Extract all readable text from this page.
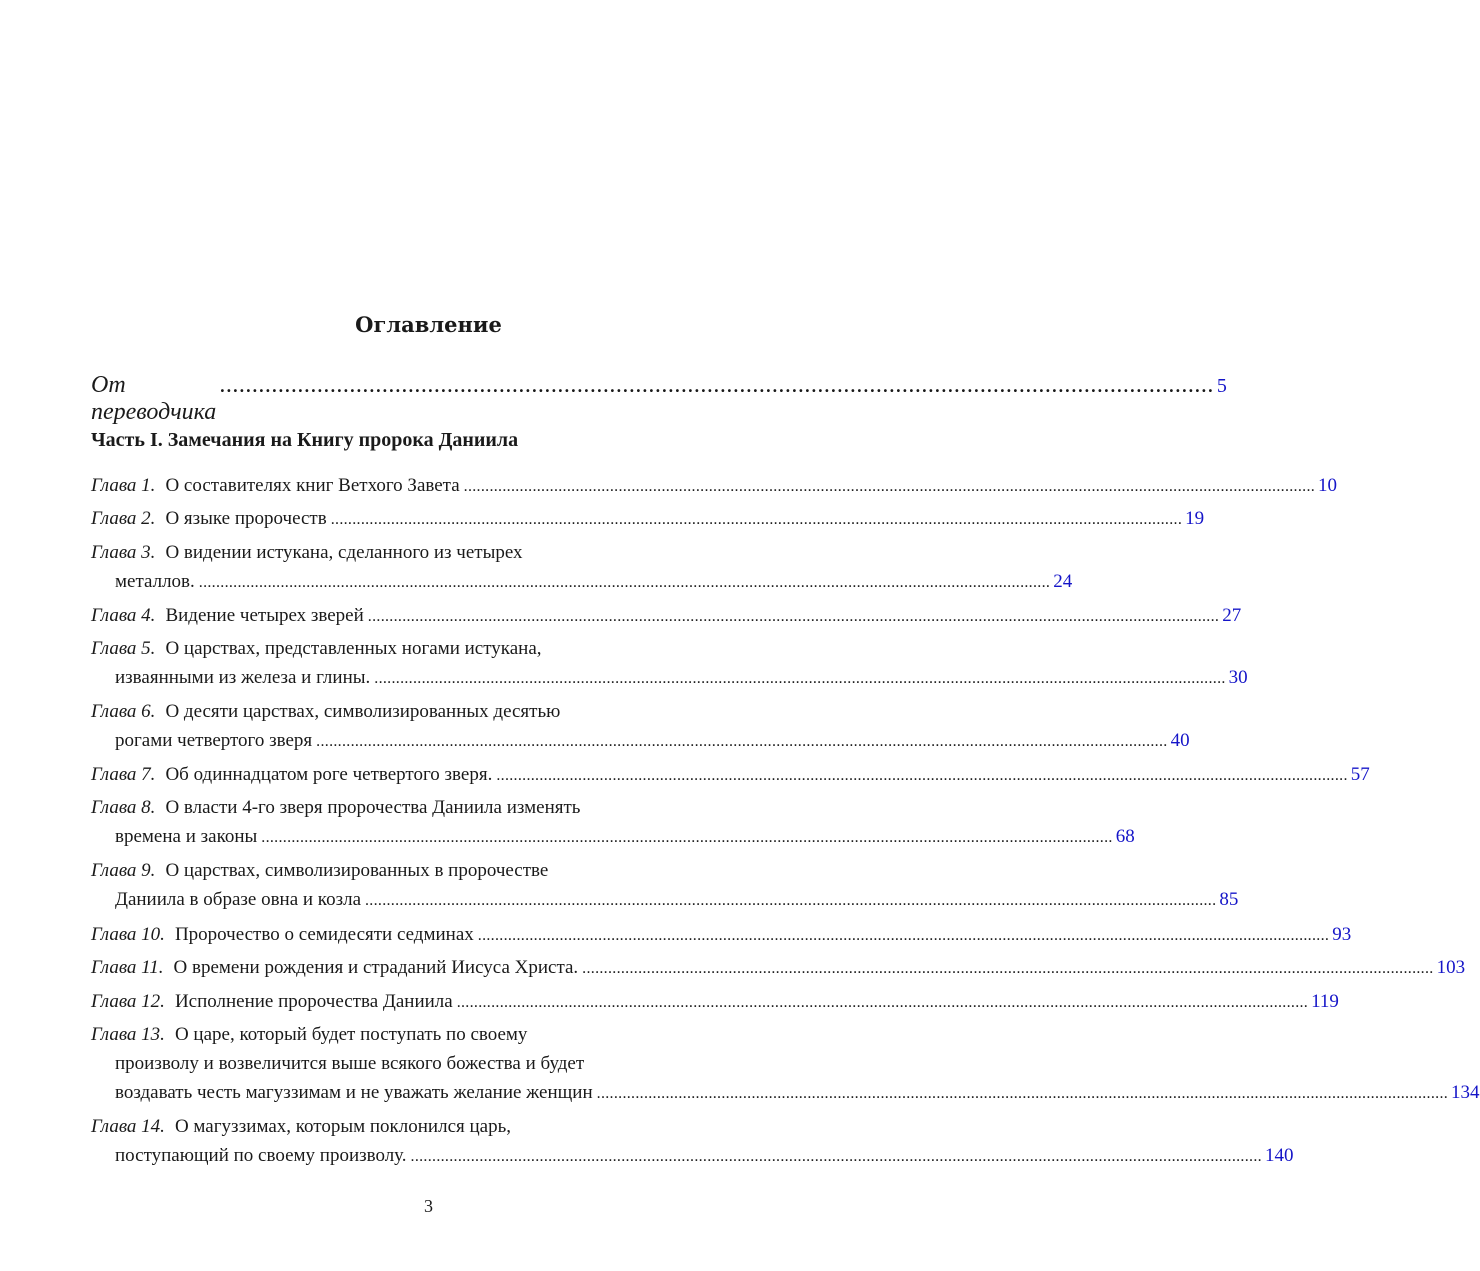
Оглавление
От переводчика
......................................................................................................................................................... 5
Часть I. Замечания на Книгу пророка Даниила
Глава 1. О составителях книг Ветхого Завета ...................................................................................................................................................................................................... 10
Глава 2. О языке пророчеств ...................................................................................................................................................................................................... 19
Глава 3. О видении истукана, сделанного из четырех
металлов. ...................................................................................................................................................................................................... 24
Глава 4. Видение четырех зверей ...................................................................................................................................................................................................... 27
Глава 5. О царствах, представленных ногами истукана,
изваянными из железа и глины. ...................................................................................................................................................................................................... 30
Глава 6. О десяти царствах, символизированных десятью
рогами четвертого зверя ...................................................................................................................................................................................................... 40
Глава 7. Об одиннадцатом роге четвертого зверя. ...................................................................................................................................................................................................... 57
Глава 8. О власти 4-го зверя пророчества Даниила изменять
времена и законы ...................................................................................................................................................................................................... 68
Глава 9. О царствах, символизированных в пророчестве
Даниила в образе овна и козла ...................................................................................................................................................................................................... 85
Глава 10. Пророчество о семидесяти седминах ...................................................................................................................................................................................................... 93
Глава 11. О времени рождения и страданий Иисуса Христа. ...................................................................................................................................................................................................... 103
Глава 12. Исполнение пророчества Даниила ...................................................................................................................................................................................................... 119
Глава 13. О царе, который будет поступать по своему
произволу и возвеличится выше всякого божества и будет
воздавать честь магуззимам и не уважать желание женщин ...................................................................................................................................................................................................... 134
Глава 14. О магуззимах, которым поклонился царь,
поступающий по своему произволу. ...................................................................................................................................................................................................... 140
3
